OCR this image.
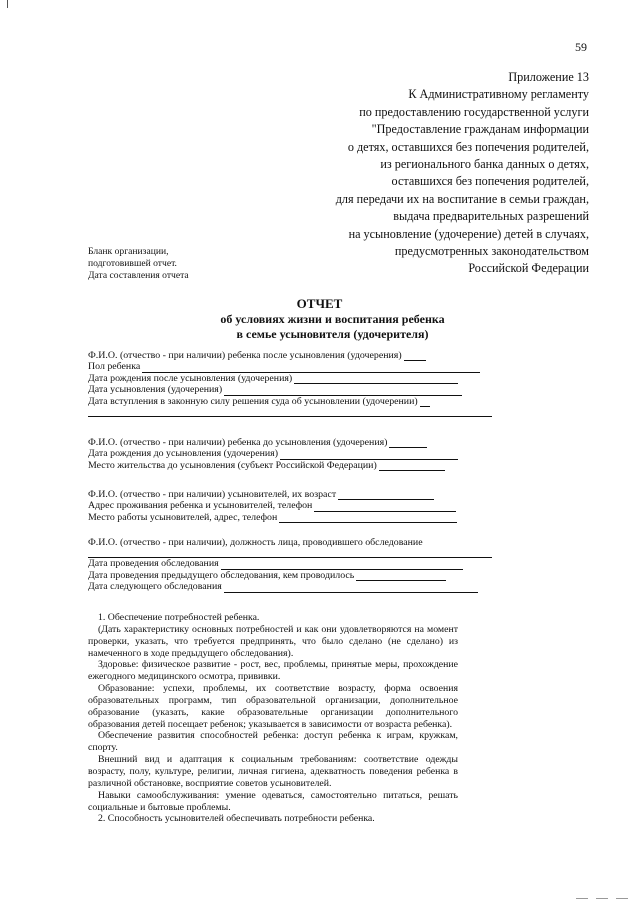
59
Приложение 13
К Административному регламенту
по предоставлению государственной услуги
"Предоставление гражданам информации
о детях, оставшихся без попечения родителей,
из регионального банка данных о детях,
оставшихся без попечения родителей,
для передачи их на воспитание в семьи граждан,
выдача предварительных разрешений
на усыновление (удочерение) детей в случаях,
предусмотренных законодательством
Российской Федерации
Бланк организации,
подготовившей отчет.
Дата составления отчета
ОТЧЕТ
об условиях жизни и воспитания ребенка
в семье усыновителя (удочерителя)
Ф.И.О. (отчество - при наличии) ребенка после усыновления (удочерения)
Пол ребенка
Дата рождения после усыновления (удочерения)
Дата усыновления (удочерения)
Дата вступления в законную силу решения суда об усыновлении (удочерении)
Ф.И.О. (отчество - при наличии) ребенка до усыновления (удочерения)
Дата рождения до усыновления (удочерения)
Место жительства до усыновления (субъект Российской Федерации)
Ф.И.О. (отчество - при наличии) усыновителей, их возраст
Адрес проживания ребенка и усыновителей, телефон
Место работы усыновителей, адрес, телефон
Ф.И.О. (отчество - при наличии), должность лица, проводившего обследование
Дата проведения обследования
Дата проведения предыдущего обследования, кем проводилось
Дата следующего обследования

1. Обеспечение потребностей ребенка.

(Дать характеристику основных потребностей и как они удовлетворяются на момент проверки, указать, что требуется предпринять, что было сделано (не сделано) из намеченного в ходе предыдущего обследования).

Здоровье: физическое развитие - рост, вес, проблемы, принятые меры, прохождение ежегодного медицинского осмотра, прививки.

Образование: успехи, проблемы, их соответствие возрасту, форма освоения образовательных программ, тип образовательной организации, дополнительное образование (указать, какие образовательные организации дополнительного образования детей посещает ребенок; указывается в зависимости от возраста ребенка).

Обеспечение развития способностей ребенка: доступ ребенка к играм, кружкам, спорту.

Внешний вид и адаптация к социальным требованиям: соответствие одежды возрасту, полу, культуре, религии, личная гигиена, адекватность поведения ребенка в различной обстановке, восприятие советов усыновителей.

Навыки самообслуживания: умение одеваться, самостоятельно питаться, решать социальные и бытовые проблемы.

2. Способность усыновителей обеспечивать потребности ребенка.
